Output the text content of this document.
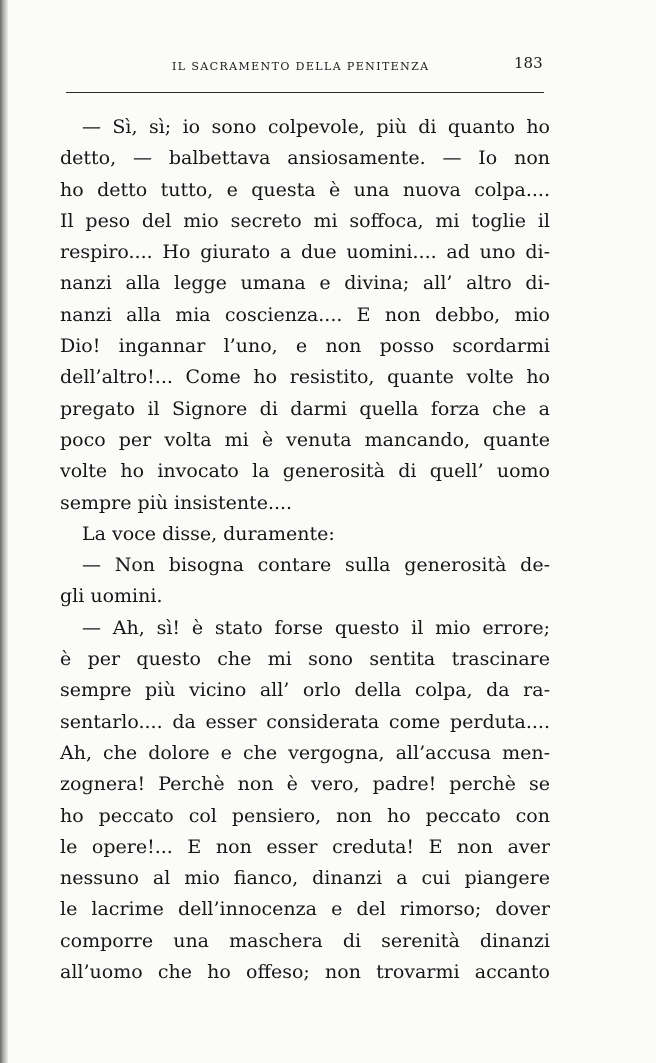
IL SACRAMENTO DELLA PENITENZA	183
— Sì, sì; io sono colpevole, più di quanto ho
detto, — balbettava ansiosamente. — Io non
ho detto tutto, e questa è una nuova colpa....
Il peso del mio secreto mi soffoca, mi toglie il
respiro.... Ho giurato a due uomini.... ad uno di-
nanzi alla legge umana e divina; all’ altro di-
nanzi alla mia coscienza.... E non debbo, mio
Dio! ingannar l’uno, e non posso scordarmi
dell’altro!... Come ho resistito, quante volte ho
pregato il Signore di darmi quella forza che a
poco per volta mi è venuta mancando, quante
volte ho invocato la generosità di quell’ uomo
sempre più insistente....
La voce disse, duramente:
— Non bisogna contare sulla generosità de-
gli uomini.
— Ah, sì! è stato forse questo il mio errore;
è per questo che mi sono sentita trascinare
sempre più vicino all’ orlo della colpa, da ra-
sentarlo.... da esser considerata come perduta....
Ah, che dolore e che vergogna, all’accusa men-
zognera! Perchè non è vero, padre! perchè se
ho peccato col pensiero, non ho peccato con
le opere!... E non esser creduta! E non aver
nessuno al mio fianco, dinanzi a cui piangere
le lacrime dell’innocenza e del rimorso; dover
comporre una maschera di serenità dinanzi
all’uomo che ho offeso; non trovarmi accanto
